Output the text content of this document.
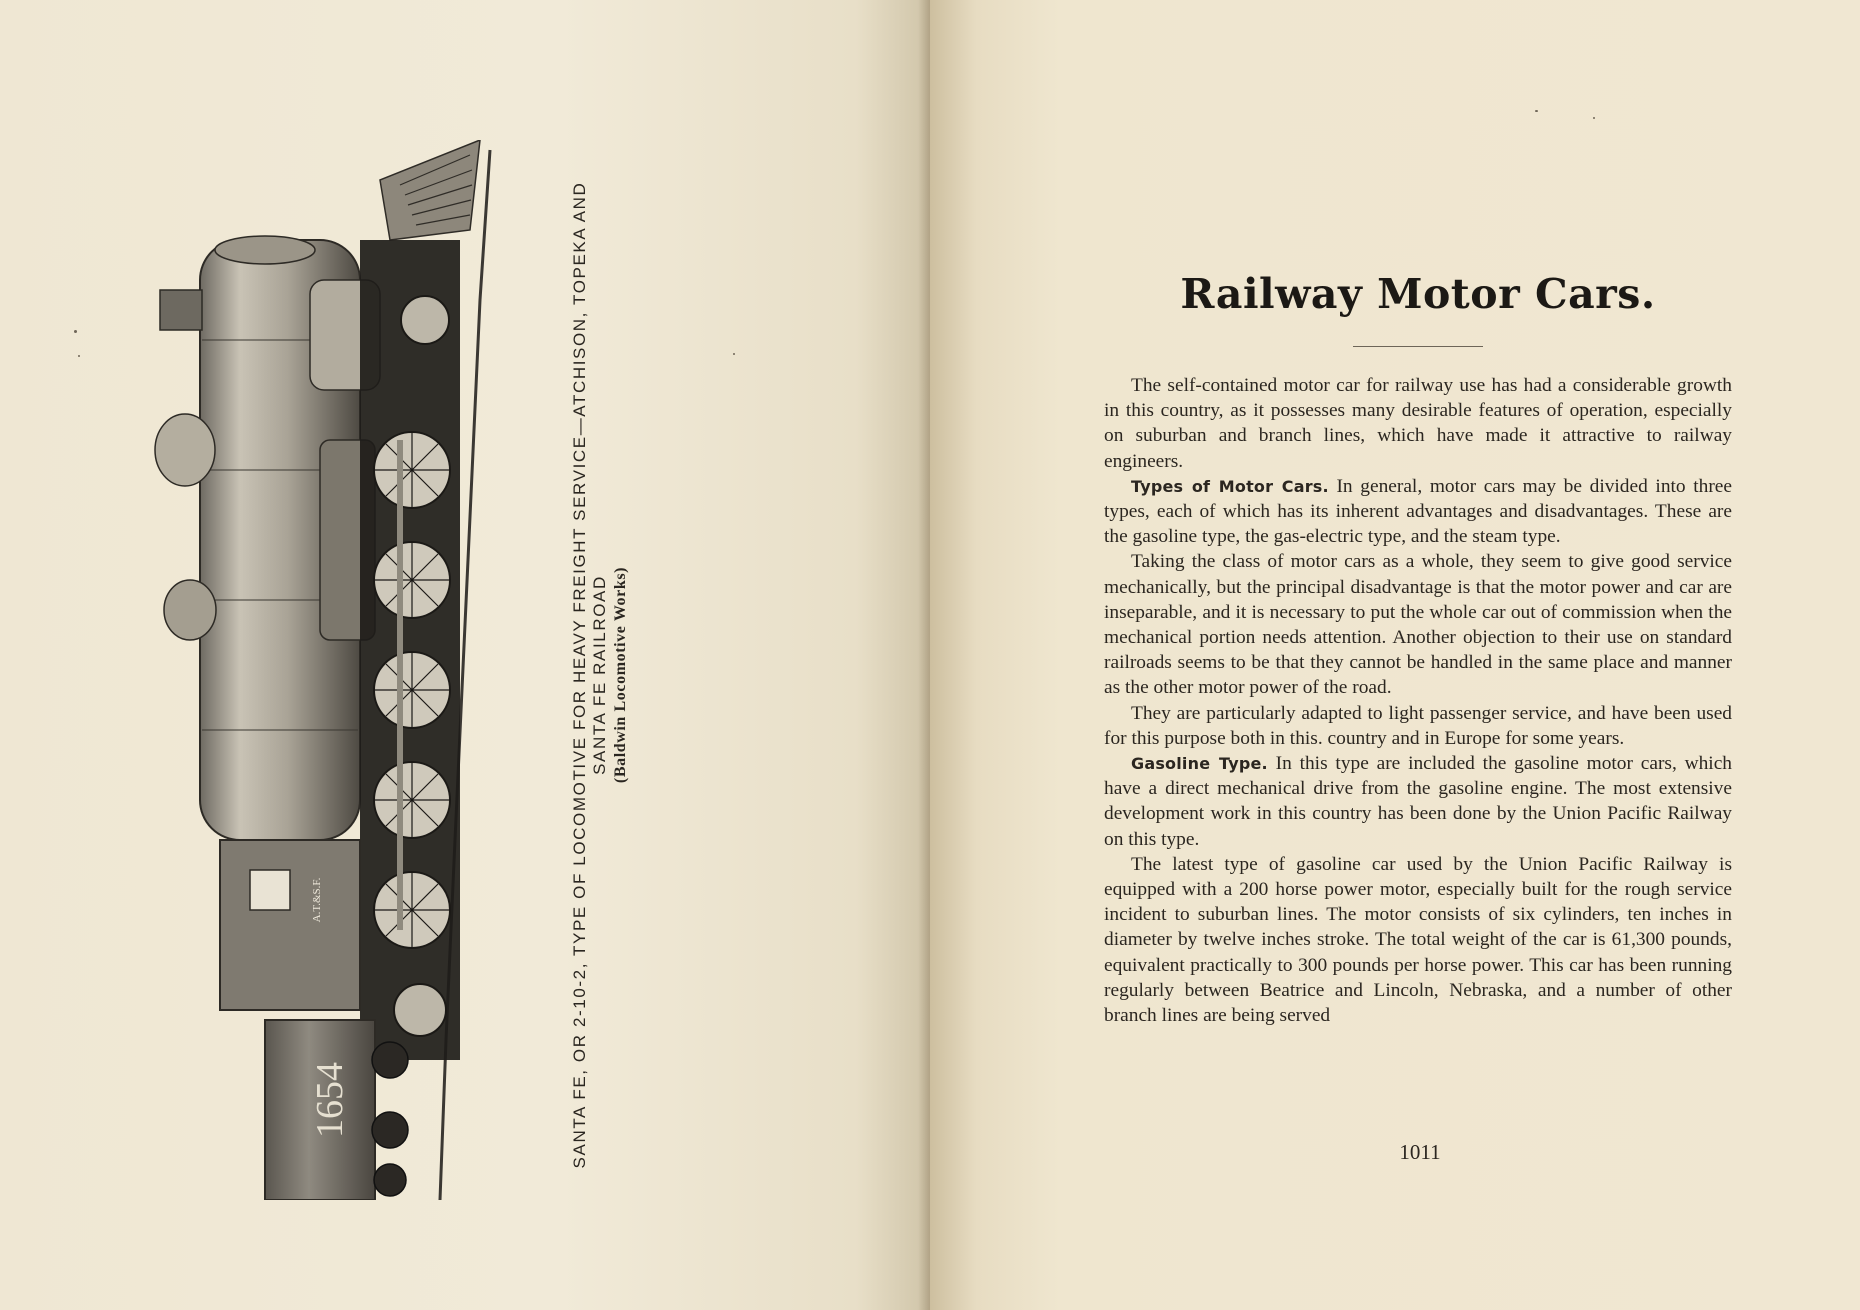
A.T.&S.F.
1654	SANTA FE, OR 2-10-2, TYPE OF LOCOMOTIVE FOR HEAVY FREIGHT SERVICE—ATCHISON, TOPEKA AND SANTA FE RAILROAD (Baldwin Locomotive Works)
Railway Motor Cars.

The self-contained motor car for railway use has had a considerable growth in this country, as it possesses many desirable features of operation, especially on suburban and branch lines, which have made it attractive to railway engineers.

Types of Motor Cars. In general, motor cars may be divided into three types, each of which has its inherent advantages and disadvantages. These are the gasoline type, the gas-electric type, and the steam type.

Taking the class of motor cars as a whole, they seem to give good service mechanically, but the principal disadvantage is that the motor power and car are inseparable, and it is necessary to put the whole car out of commission when the mechanical portion needs attention. Another objection to their use on standard railroads seems to be that they cannot be handled in the same place and manner as the other motor power of the road.

They are particularly adapted to light passenger service, and have been used for this purpose both in this. country and in Europe for some years.

Gasoline Type. In this type are included the gasoline motor cars, which have a direct mechanical drive from the gasoline engine. The most extensive development work in this country has been done by the Union Pacific Railway on this type.

The latest type of gasoline car used by the Union Pacific Railway is equipped with a 200 horse power motor, especially built for the rough service incident to suburban lines. The motor consists of six cylinders, ten inches in diameter by twelve inches stroke. The total weight of the car is 61,300 pounds, equivalent practically to 300 pounds per horse power. This car has been running regularly between Beatrice and Lincoln, Nebraska, and a number of other branch lines are being served

1011
